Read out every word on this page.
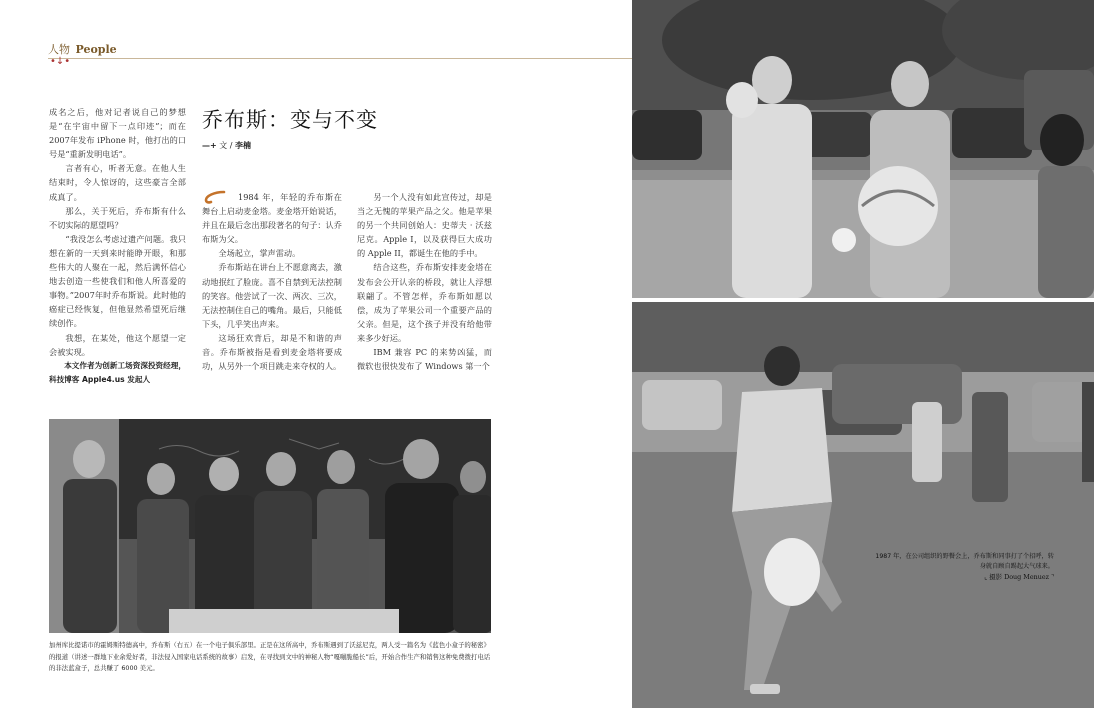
人物 People
•↓•

成名之后，他对记者说自己的梦想是“在宇宙中留下一点印迹”；而在2007年发布 iPhone 时，他打出的口号是“重新发明电话”。

言者有心，听者无意。在他人生结束时，令人惊讶的，这些豪言全部成真了。

那么，关于死后，乔布斯有什么不切实际的愿望吗？

“我没怎么考虑过遗产问题。我只想在新的一天到来时能睁开眼，和那些伟大的人聚在一起，然后满怀信心地去创造一些使我们和他人所喜爱的事物。”2007年时乔布斯说。此时他的癌症已经恢复，但他显然希望死后继续创作。

我想，在某处，他这个愿望一定会被实现。

本文作者为创新工场资深投资经理，科技博客 Apple4.us 发起人

乔布斯：变与不变
—+ 文 / 李楠

1984 年，年轻的乔布斯在舞台上启动麦金塔。麦金塔开始说话，并且在最后念出那段著名的句子：认乔布斯为父。

全场起立，掌声雷动。

乔布斯站在讲台上不愿意离去，激动地抿红了脸庞。喜不自禁到无法控制的笑容。他尝试了一次、两次、三次，无法控制住自己的嘴角。最后，只能低下头，几乎笑出声来。

这场狂欢背后，却是不和谐的声音。乔布斯被指是看到麦金塔将要成功，从另外一个项目跳走来夺权的人。

另一个人没有如此宣传过，却是当之无愧的苹果产品之父。他是苹果的另一个共同创始人：史蒂夫 · 沃兹尼克。Apple I，以及获得巨大成功的 Apple II，都诞生在他的手中。

结合这些，乔布斯安排麦金塔在发布会公开认亲的桥段，就让人浮想联翩了。不管怎样，乔布斯如愿以偿，成为了苹果公司一个重要产品的父亲。但是，这个孩子并没有给他带来多少好运。

IBM 兼容 PC 的来势凶猛，而微软也很快发布了 Windows 第一个

加州库比提诺市的霍姆斯特德高中，乔布斯（右五）在一个电子俱乐部里。正是在这所高中，乔布斯遇到了沃兹尼克，两人受一篇名为《蓝色小盒子的秘密》的报道（讲述一群地下业余爱好者，非法侵入国家电话系统的故事）启发，在寻找到文中的神秘人物“嘎嘣脆船长”后，开始合作生产和销售这种免费拨打电话的非法蓝盒子，总共赚了 6000 美元。
1987 年，在公司组织的野餐会上，乔布斯和同事打了个招呼，转身就自顾自踢起大气球来。
⌞ 摄影 Doug Menuez ⌝
